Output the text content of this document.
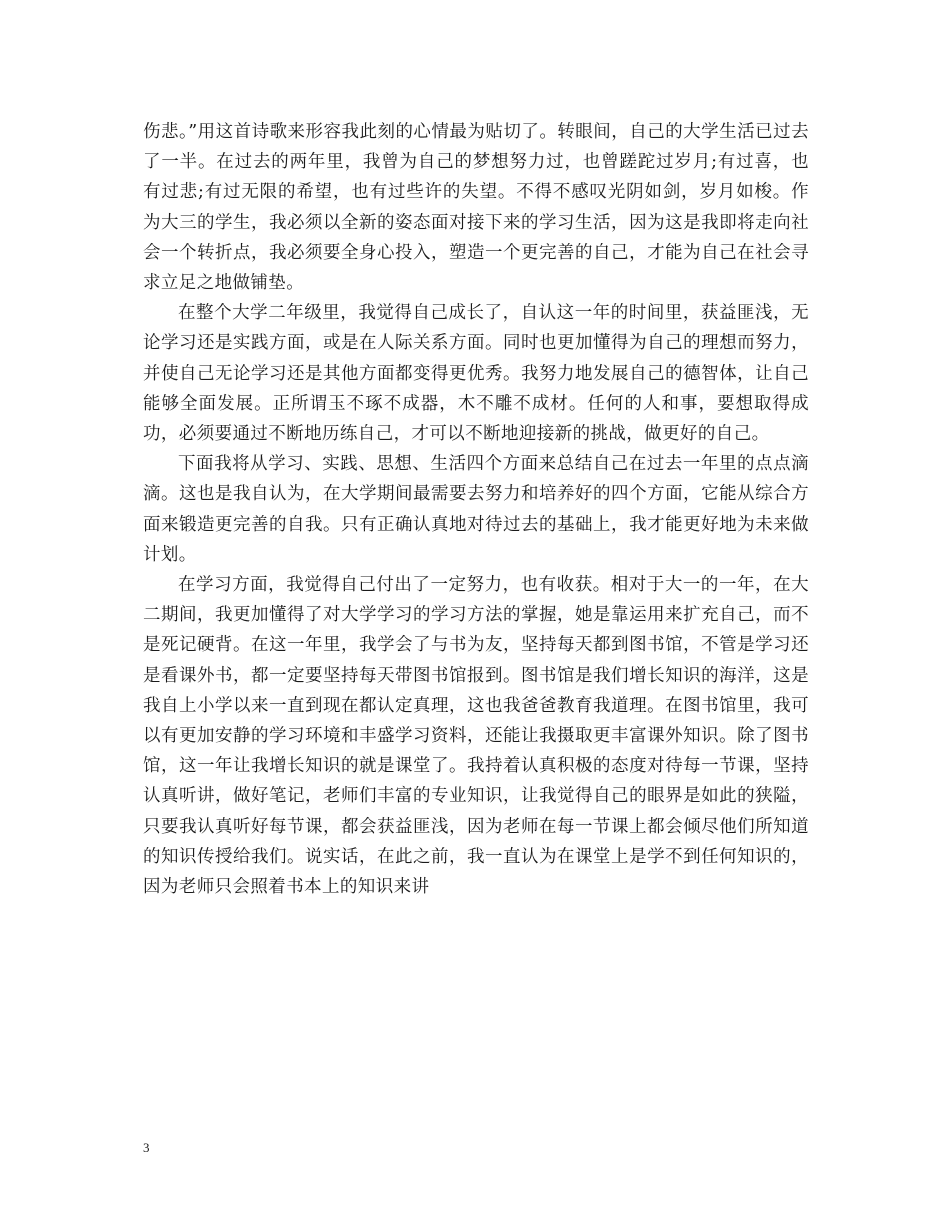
伤悲。”用这首诗歌来形容我此刻的心情最为贴切了。转眼间，自己的大学生活已过去了一半。在过去的两年里，我曾为自己的梦想努力过，也曾蹉跎过岁月;有过喜，也有过悲;有过无限的希望，也有过些许的失望。不得不感叹光阴如剑，岁月如梭。作为大三的学生，我必须以全新的姿态面对接下来的学习生活，因为这是我即将走向社会一个转折点，我必须要全身心投入，塑造一个更完善的自己，才能为自己在社会寻求立足之地做铺垫。

在整个大学二年级里，我觉得自己成长了，自认这一年的时间里，获益匪浅，无论学习还是实践方面，或是在人际关系方面。同时也更加懂得为自己的理想而努力，并使自己无论学习还是其他方面都变得更优秀。我努力地发展自己的德智体，让自己能够全面发展。正所谓玉不琢不成器，木不雕不成材。任何的人和事，要想取得成功，必须要通过不断地历练自己，才可以不断地迎接新的挑战，做更好的自己。

下面我将从学习、实践、思想、生活四个方面来总结自己在过去一年里的点点滴滴。这也是我自认为，在大学期间最需要去努力和培养好的四个方面，它能从综合方面来锻造更完善的自我。只有正确认真地对待过去的基础上，我才能更好地为未来做计划。

在学习方面，我觉得自己付出了一定努力，也有收获。相对于大一的一年，在大二期间，我更加懂得了对大学学习的学习方法的掌握，她是靠运用来扩充自己，而不是死记硬背。在这一年里，我学会了与书为友，坚持每天都到图书馆，不管是学习还是看课外书，都一定要坚持每天带图书馆报到。图书馆是我们增长知识的海洋，这是我自上小学以来一直到现在都认定真理，这也我爸爸教育我道理。在图书馆里，我可以有更加安静的学习环境和丰盛学习资料，还能让我摄取更丰富课外知识。除了图书馆，这一年让我增长知识的就是课堂了。我持着认真积极的态度对待每一节课，坚持认真听讲，做好笔记，老师们丰富的专业知识，让我觉得自己的眼界是如此的狭隘，只要我认真听好每节课，都会获益匪浅，因为老师在每一节课上都会倾尽他们所知道的知识传授给我们。说实话，在此之前，我一直认为在课堂上是学不到任何知识的，因为老师只会照着书本上的知识来讲

3
